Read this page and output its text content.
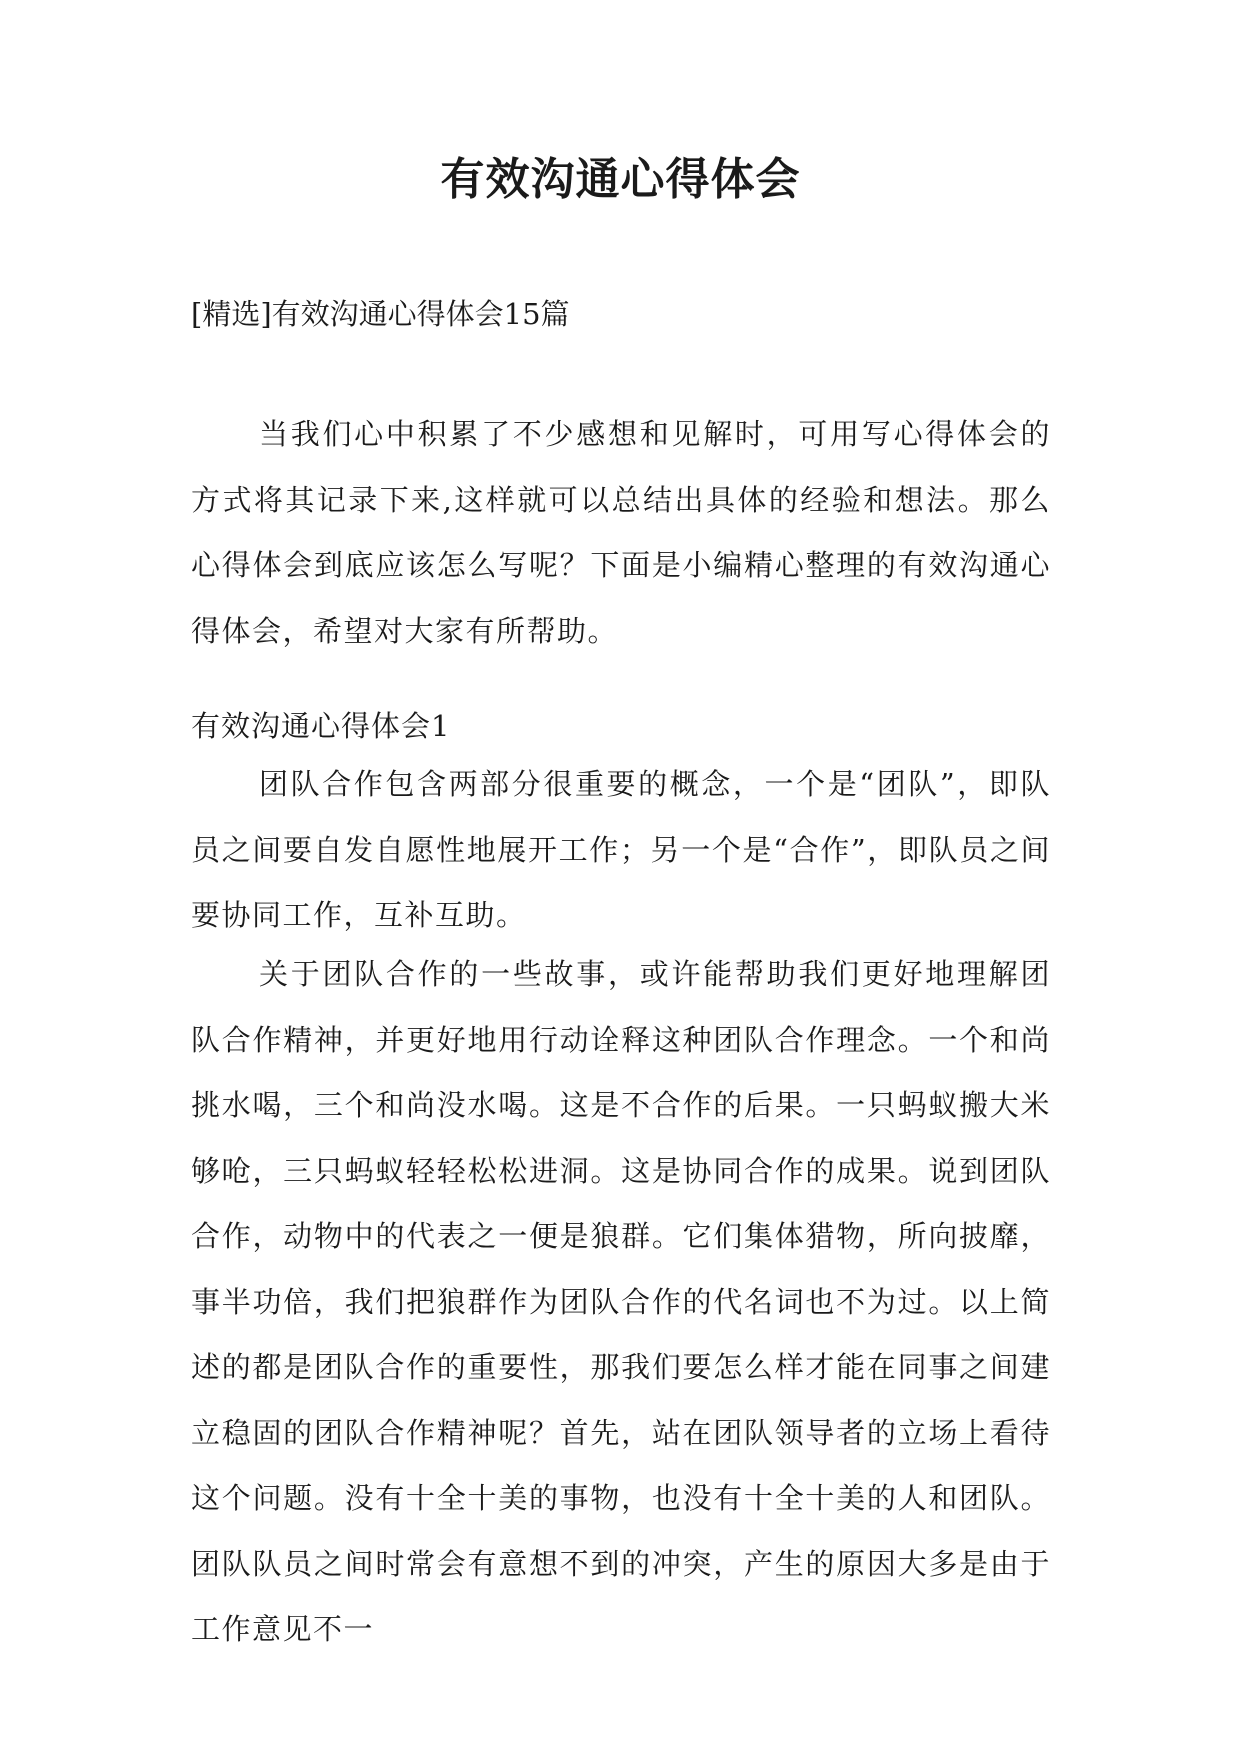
有效沟通心得体会

[精选]有效沟通心得体会15篇

当我们心中积累了不少感想和见解时，可用写心得体会的方式将其记录下来,这样就可以总结出具体的经验和想法。那么心得体会到底应该怎么写呢？下面是小编精心整理的有效沟通心得体会，希望对大家有所帮助。

有效沟通心得体会1

团队合作包含两部分很重要的概念，一个是“团队”，即队员之间要自发自愿性地展开工作；另一个是“合作”，即队员之间要协同工作，互补互助。

关于团队合作的一些故事，或许能帮助我们更好地理解团队合作精神，并更好地用行动诠释这种团队合作理念。一个和尚挑水喝，三个和尚没水喝。这是不合作的后果。一只蚂蚁搬大米够呛，三只蚂蚁轻轻松松进洞。这是协同合作的成果。说到团队合作，动物中的代表之一便是狼群。它们集体猎物，所向披靡，事半功倍，我们把狼群作为团队合作的代名词也不为过。以上简述的都是团队合作的重要性，那我们要怎么样才能在同事之间建立稳固的团队合作精神呢？首先，站在团队领导者的立场上看待这个问题。没有十全十美的事物，也没有十全十美的人和团队。团队队员之间时常会有意想不到的冲突，产生的原因大多是由于工作意见不一
